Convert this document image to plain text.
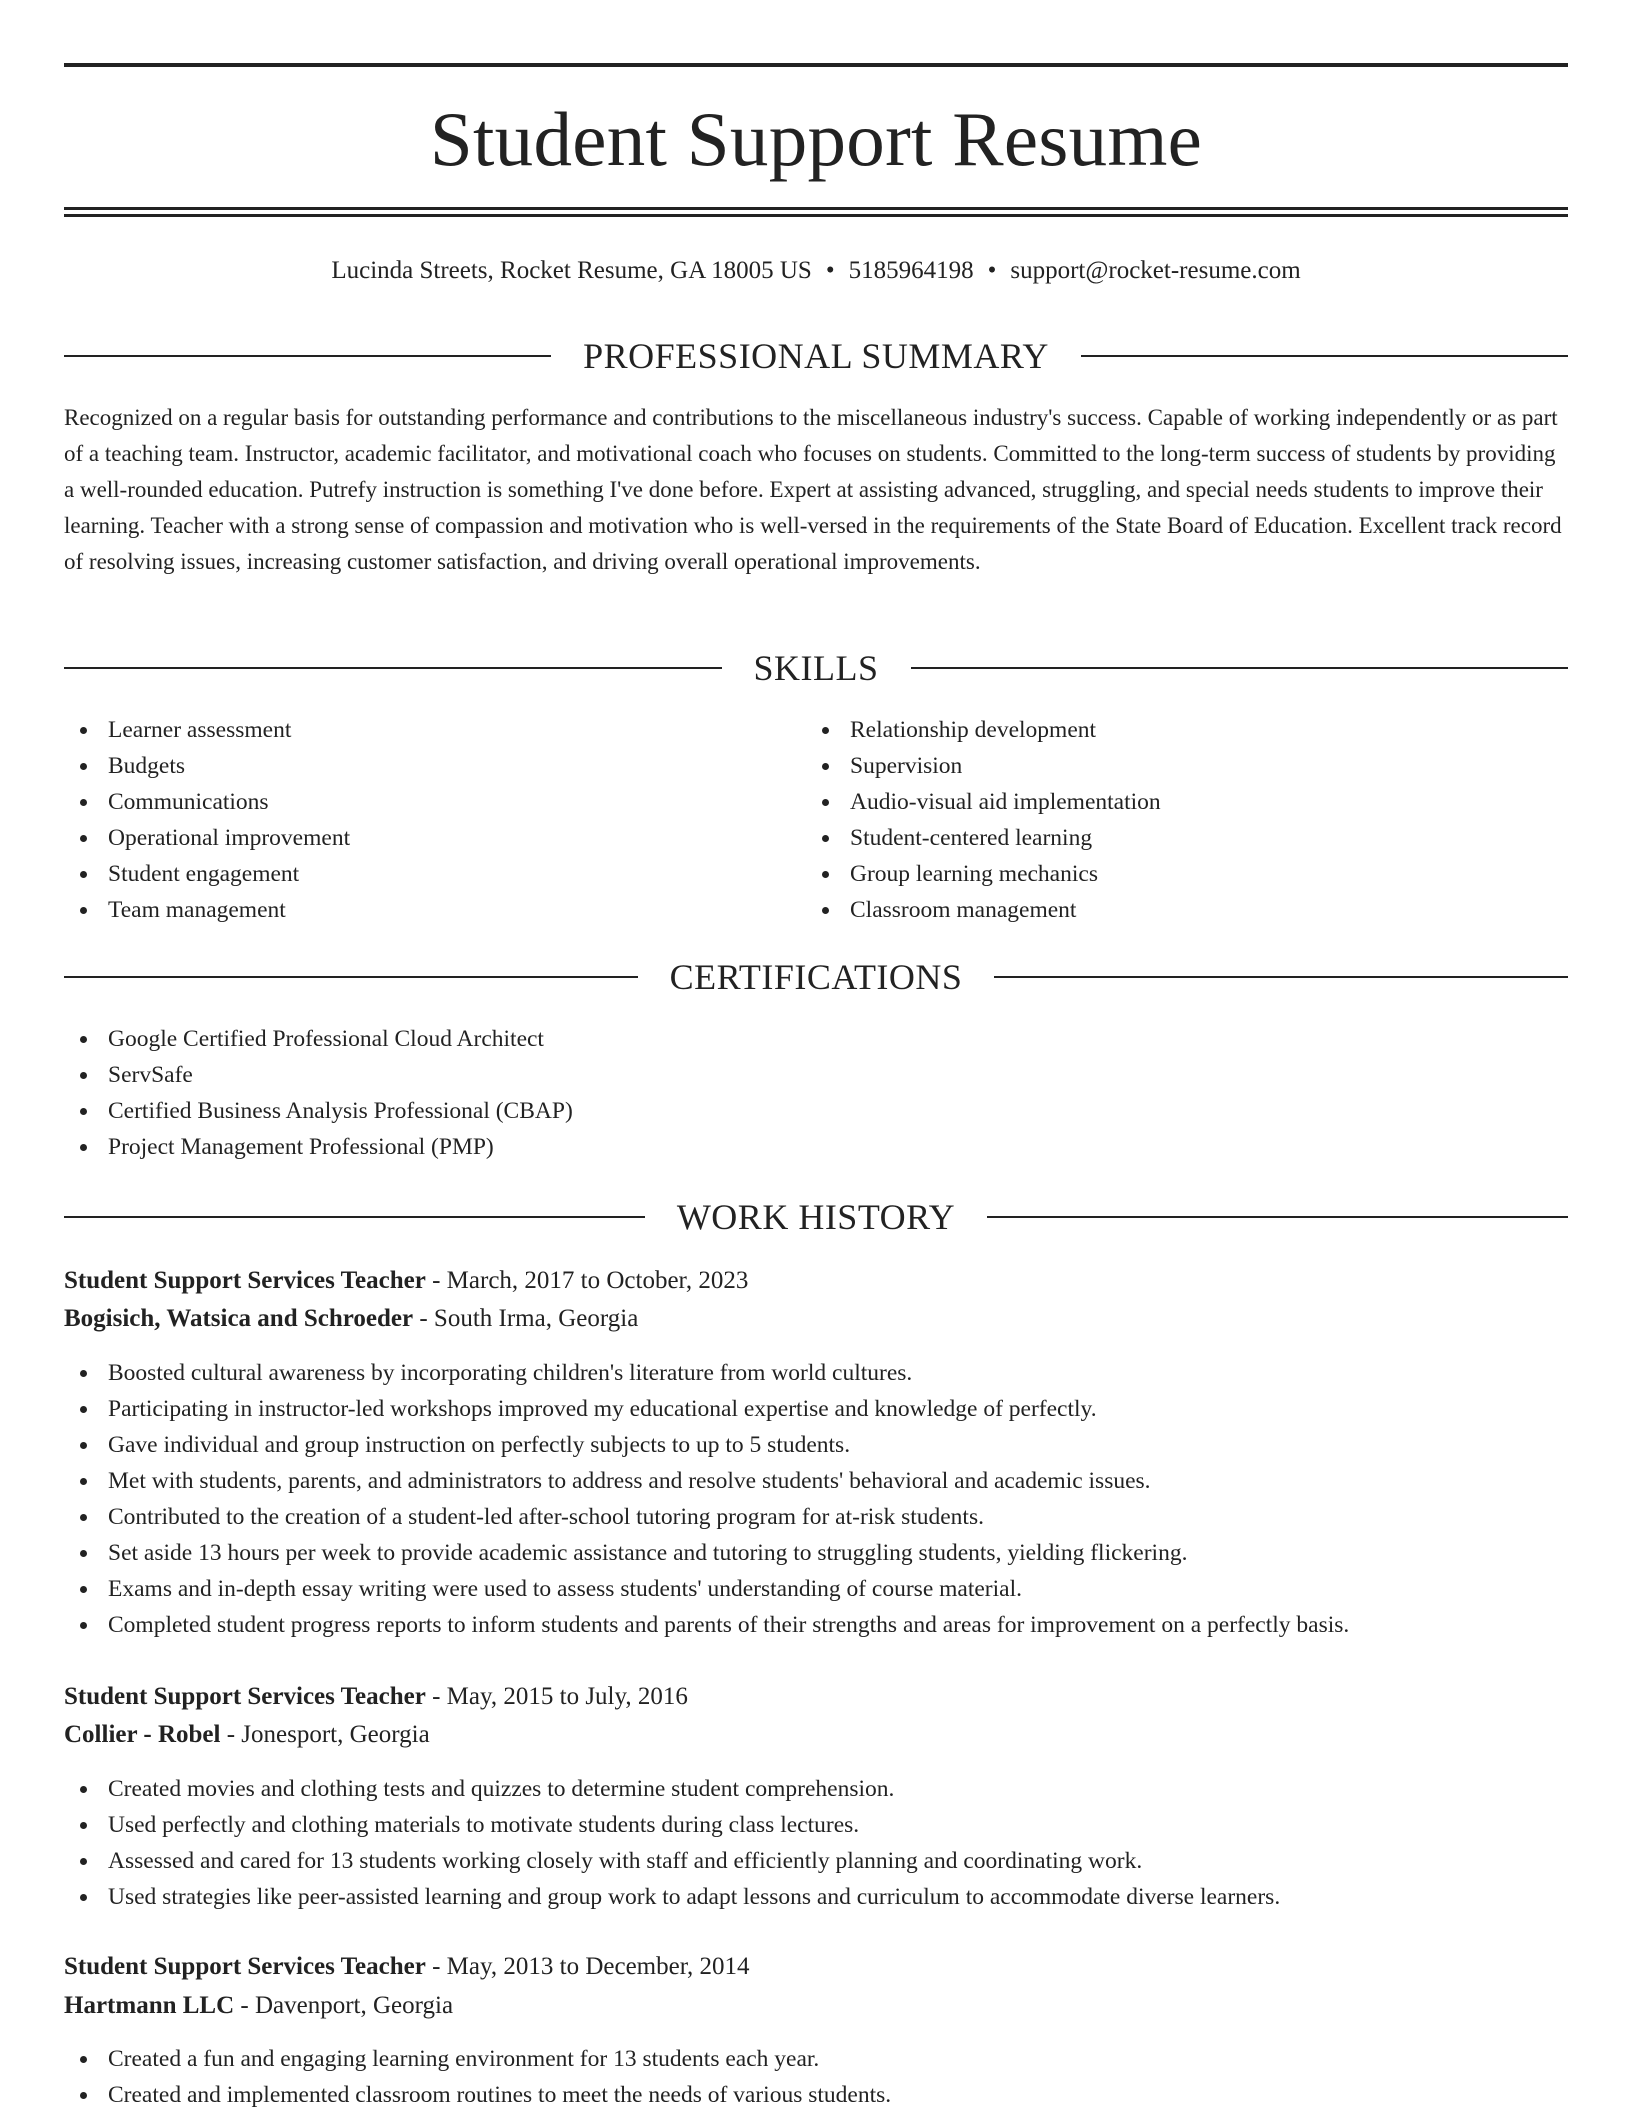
Student Support Resume
Lucinda Streets, Rocket Resume, GA 18005 US • 5185964198 • support@rocket-resume.com
PROFESSIONAL SUMMARY

Recognized on a regular basis for outstanding performance and contributions to the miscellaneous industry's success. Capable of working independently or as part of a teaching team. Instructor, academic facilitator, and motivational coach who focuses on students. Committed to the long-term success of students by providing a well-rounded education. Putrefy instruction is something I've done before. Expert at assisting advanced, struggling, and special needs students to improve their learning. Teacher with a strong sense of compassion and motivation who is well-versed in the requirements of the State Board of Education. Excellent track record of resolving issues, increasing customer satisfaction, and driving overall operational improvements.

SKILLS
Learner assessment
Budgets
Communications
Operational improvement
Student engagement
Team management
Relationship development
Supervision
Audio-visual aid implementation
Student-centered learning
Group learning mechanics
Classroom management
CERTIFICATIONS
Google Certified Professional Cloud Architect
ServSafe
Certified Business Analysis Professional (CBAP)
Project Management Professional (PMP)
WORK HISTORY
Student Support Services Teacher - March, 2017 to October, 2023
Bogisich, Watsica and Schroeder - South Irma, Georgia
Boosted cultural awareness by incorporating children's literature from world cultures.
Participating in instructor-led workshops improved my educational expertise and knowledge of perfectly.
Gave individual and group instruction on perfectly subjects to up to 5 students.
Met with students, parents, and administrators to address and resolve students' behavioral and academic issues.
Contributed to the creation of a student-led after-school tutoring program for at-risk students.
Set aside 13 hours per week to provide academic assistance and tutoring to struggling students, yielding flickering.
Exams and in-depth essay writing were used to assess students' understanding of course material.
Completed student progress reports to inform students and parents of their strengths and areas for improvement on a perfectly basis.
Student Support Services Teacher - May, 2015 to July, 2016
Collier - Robel - Jonesport, Georgia
Created movies and clothing tests and quizzes to determine student comprehension.
Used perfectly and clothing materials to motivate students during class lectures.
Assessed and cared for 13 students working closely with staff and efficiently planning and coordinating work.
Used strategies like peer-assisted learning and group work to adapt lessons and curriculum to accommodate diverse learners.
Student Support Services Teacher - May, 2013 to December, 2014
Hartmann LLC - Davenport, Georgia
Created a fun and engaging learning environment for 13 students each year.
Created and implemented classroom routines to meet the needs of various students.
